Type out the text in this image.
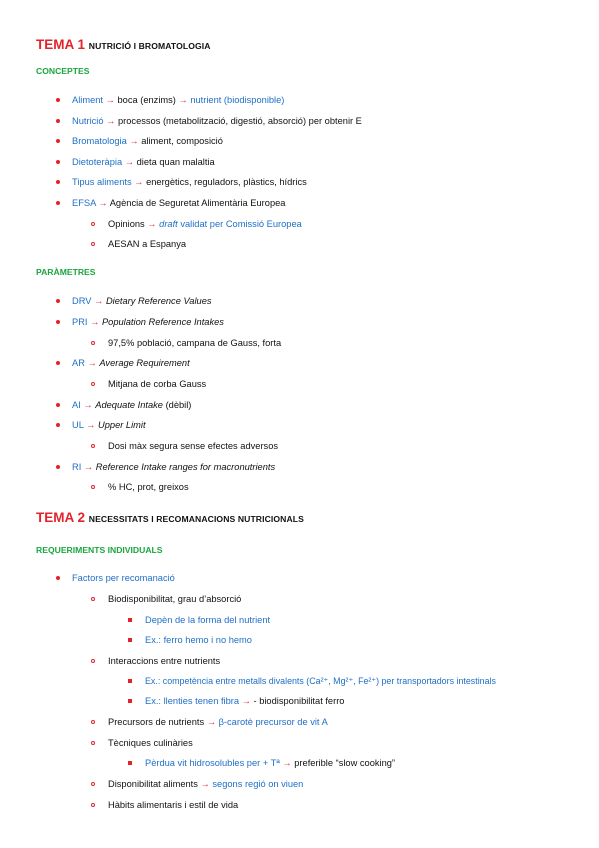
TEMA 1 NUTRICIÓ I BROMATOLOGIA
CONCEPTES
Aliment → boca (enzims) → nutrient (biodisponible)
Nutrició → processos (metabolització, digestió, absorció) per obtenir E
Bromatologia → aliment, composició
Dietoteràpia → dieta quan malaltia
Tipus aliments → energètics, reguladors, plàstics, hídrics
EFSA → Agència de Seguretat Alimentària Europea
Opinions → draft validat per Comissió Europea
AESAN a Espanya
PARÀMETRES
DRV → Dietary Reference Values
PRI → Population Reference Intakes
97,5% població, campana de Gauss, forta
AR → Average Requirement
Mitjana de corba Gauss
AI → Adequate Intake (dèbil)
UL → Upper Limit
Dosi màx segura sense efectes adversos
RI → Reference Intake ranges for macronutrients
% HC, prot, greixos
TEMA 2 NECESSITATS I RECOMANACIONS NUTRICIONALS
REQUERIMENTS INDIVIDUALS
Factors per recomanació
Biodisponibilitat, grau d’absorció
Depèn de la forma del nutrient
Ex.: ferro hemo i no hemo
Interaccions entre nutrients
Ex.: competència entre metalls divalents (Ca²⁺, Mg²⁺, Fe²⁺) per transportadors intestinals
Ex.: llenties tenen fibra → - biodisponibilitat ferro
Precursors de nutrients → β-carotè precursor de vit A
Tècniques culinàries
Pèrdua vit hidrosolubles per + Tª → preferible “slow cooking”
Disponibilitat aliments → segons regió on viuen
Hàbits alimentaris i estil de vida
